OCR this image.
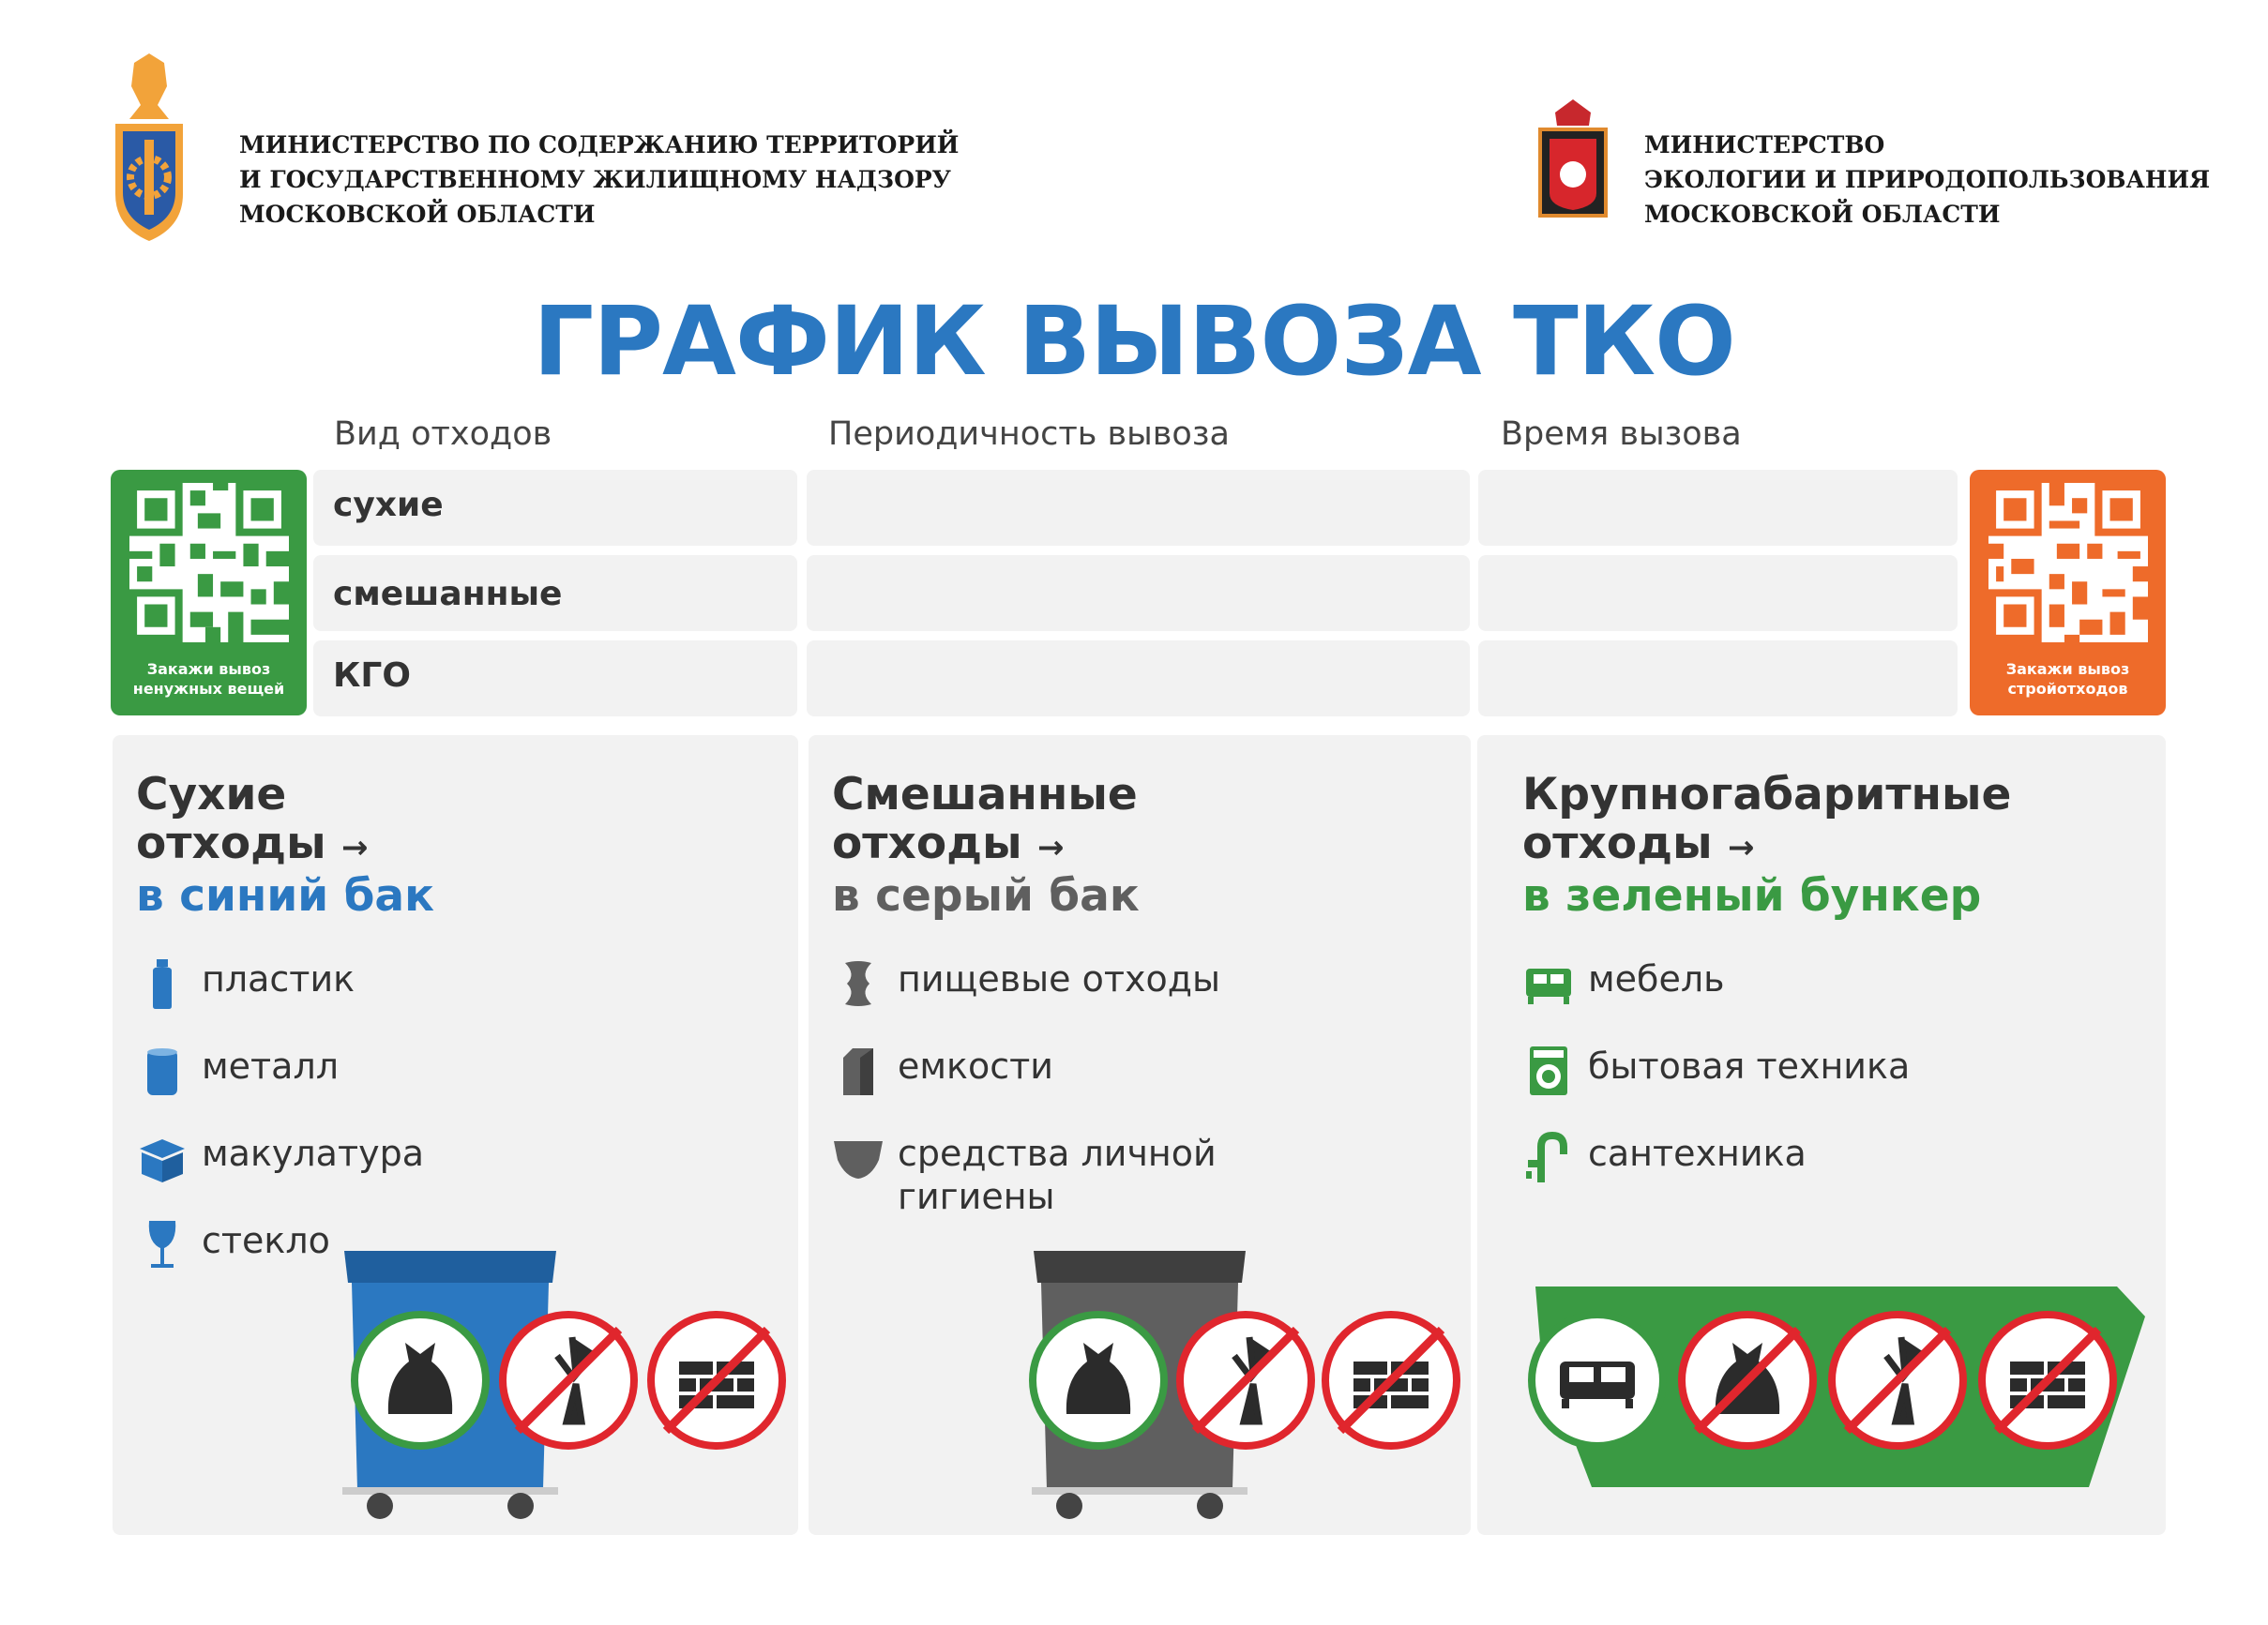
МИНИСТЕРСТВО ПО СОДЕРЖАНИЮ ТЕРРИТОРИЙ
И ГОСУДАРСТВЕННОМУ ЖИЛИЩНОМУ НАДЗОРУ
МОСКОВСКОЙ ОБЛАСТИ
МИНИСТЕРСТВО
ЭКОЛОГИИ И ПРИРОДОПОЛЬЗОВАНИЯ
МОСКОВСКОЙ ОБЛАСТИ
ГРАФИК ВЫВОЗА ТКО
Вид отходов	Периодичность вывоза	Время вызова
сухие
смешанные
КГО
Закажи вывоз
ненужных вещей
Закажи вывоз
стройотходов
Сухие
отходы →
в синий бак
пластик
металл
макулатура
стекло
Смешанные
отходы →
в серый бак
пищевые отходы
емкости
средства личной
гигиены
Крупногабаритные
отходы →
в зеленый бункер
мебель
бытовая техника
сантехника
